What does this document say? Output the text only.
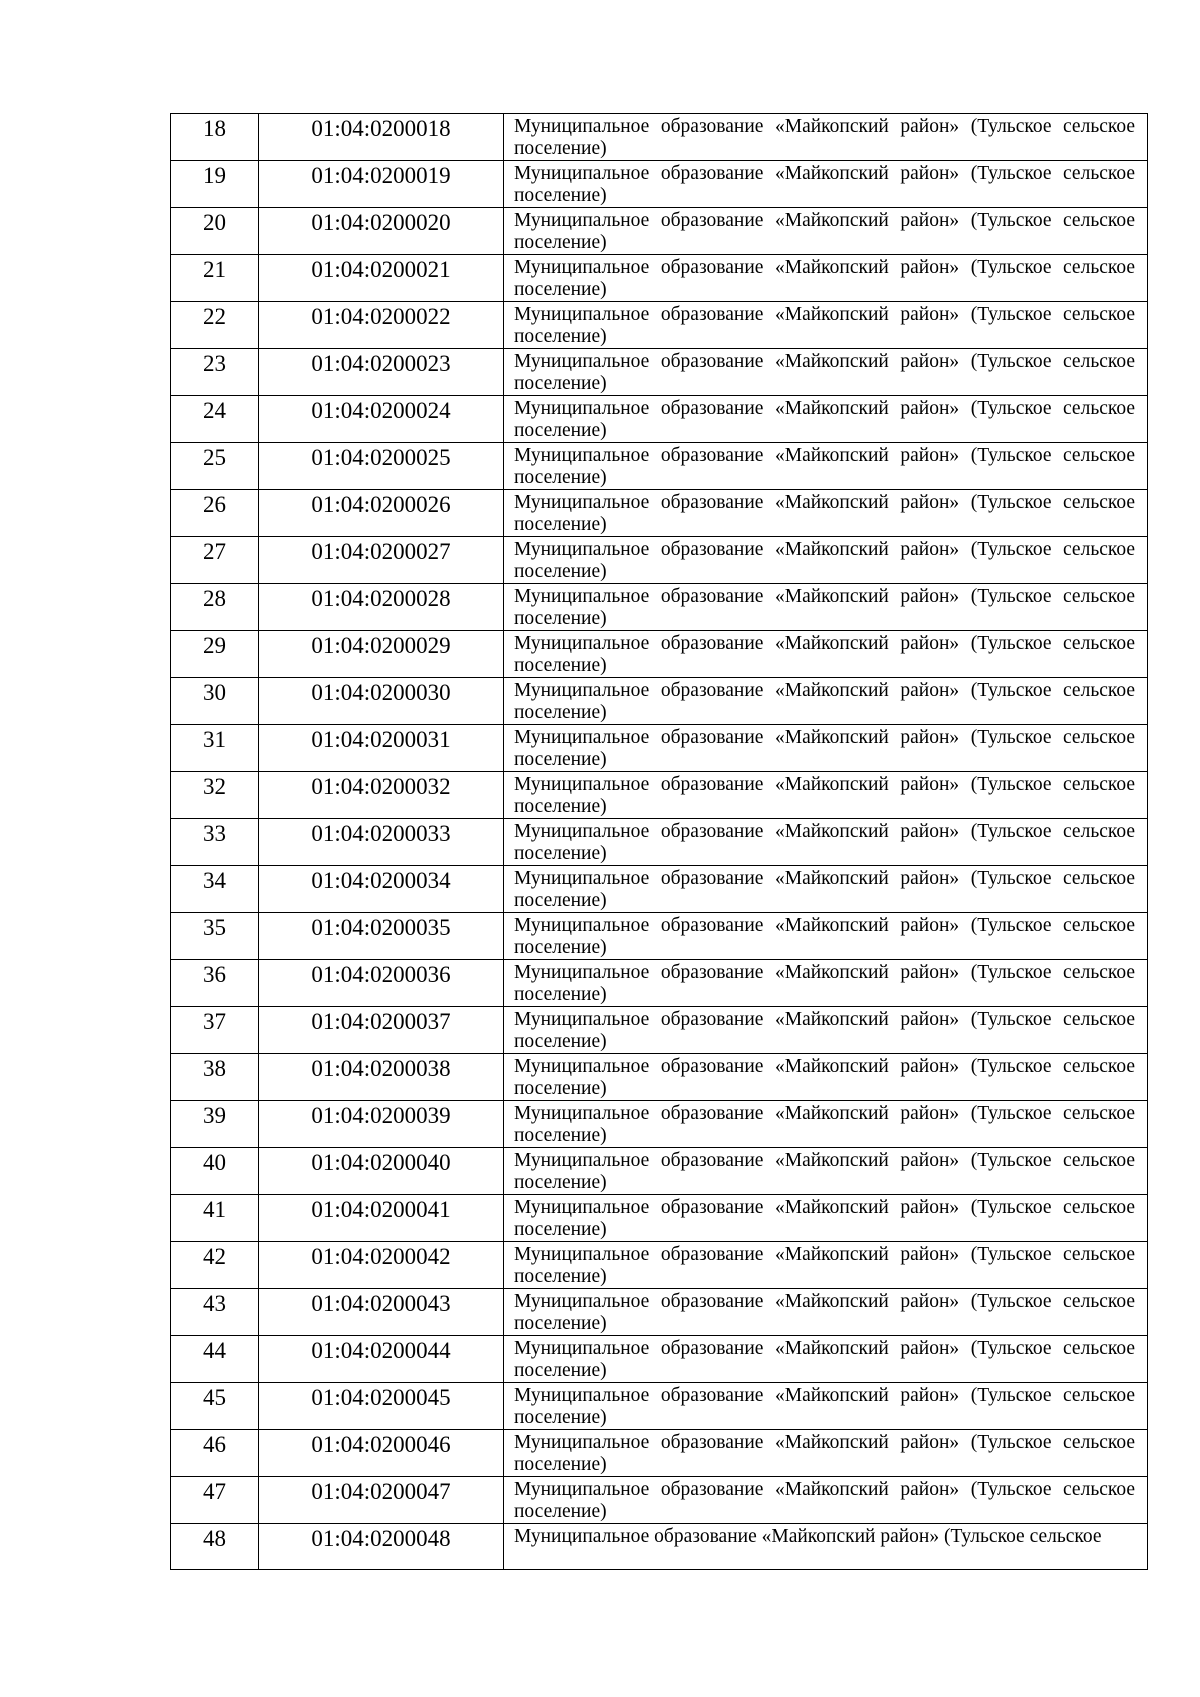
18	01:04:0200018	Муниципальное образование «Майкопский район» (Тульское сельское поселение)
19	01:04:0200019	Муниципальное образование «Майкопский район» (Тульское сельское поселение)
20	01:04:0200020	Муниципальное образование «Майкопский район» (Тульское сельское поселение)
21	01:04:0200021	Муниципальное образование «Майкопский район» (Тульское сельское поселение)
22	01:04:0200022	Муниципальное образование «Майкопский район» (Тульское сельское поселение)
23	01:04:0200023	Муниципальное образование «Майкопский район» (Тульское сельское поселение)
24	01:04:0200024	Муниципальное образование «Майкопский район» (Тульское сельское поселение)
25	01:04:0200025	Муниципальное образование «Майкопский район» (Тульское сельское поселение)
26	01:04:0200026	Муниципальное образование «Майкопский район» (Тульское сельское поселение)
27	01:04:0200027	Муниципальное образование «Майкопский район» (Тульское сельское поселение)
28	01:04:0200028	Муниципальное образование «Майкопский район» (Тульское сельское поселение)
29	01:04:0200029	Муниципальное образование «Майкопский район» (Тульское сельское поселение)
30	01:04:0200030	Муниципальное образование «Майкопский район» (Тульское сельское поселение)
31	01:04:0200031	Муниципальное образование «Майкопский район» (Тульское сельское поселение)
32	01:04:0200032	Муниципальное образование «Майкопский район» (Тульское сельское поселение)
33	01:04:0200033	Муниципальное образование «Майкопский район» (Тульское сельское поселение)
34	01:04:0200034	Муниципальное образование «Майкопский район» (Тульское сельское поселение)
35	01:04:0200035	Муниципальное образование «Майкопский район» (Тульское сельское поселение)
36	01:04:0200036	Муниципальное образование «Майкопский район» (Тульское сельское поселение)
37	01:04:0200037	Муниципальное образование «Майкопский район» (Тульское сельское поселение)
38	01:04:0200038	Муниципальное образование «Майкопский район» (Тульское сельское поселение)
39	01:04:0200039	Муниципальное образование «Майкопский район» (Тульское сельское поселение)
40	01:04:0200040	Муниципальное образование «Майкопский район» (Тульское сельское поселение)
41	01:04:0200041	Муниципальное образование «Майкопский район» (Тульское сельское поселение)
42	01:04:0200042	Муниципальное образование «Майкопский район» (Тульское сельское поселение)
43	01:04:0200043	Муниципальное образование «Майкопский район» (Тульское сельское поселение)
44	01:04:0200044	Муниципальное образование «Майкопский район» (Тульское сельское поселение)
45	01:04:0200045	Муниципальное образование «Майкопский район» (Тульское сельское поселение)
46	01:04:0200046	Муниципальное образование «Майкопский район» (Тульское сельское поселение)
47	01:04:0200047	Муниципальное образование «Майкопский район» (Тульское сельское поселение)
48	01:04:0200048	Муниципальное образование «Майкопский район» (Тульское сельское
